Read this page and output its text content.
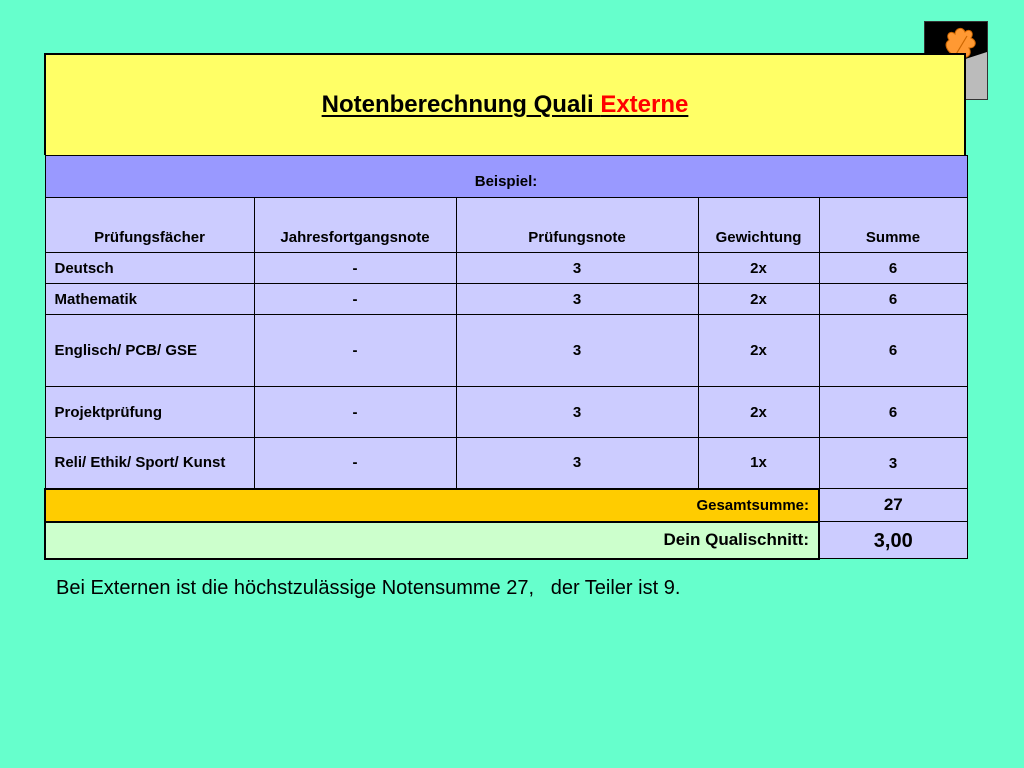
Notenberechnung Quali Externe
Beispiel:				
Prüfungsfächer	Jahresfortgangsnote	Prüfungsnote	Gewichtung	Summe
Deutsch	-	3	2x	6
Mathematik	-	3	2x	6
Englisch/ PCB/ GSE	-	3	2x	6
Projektprüfung	-	3	2x	6
Reli/ Ethik/ Sport/ Kunst	-	3	1x	3
Gesamtsumme:				27
Dein Qualischnitt:				3,00
Bei Externen ist die höchstzulässige Notensumme 27,   der Teiler ist 9.
